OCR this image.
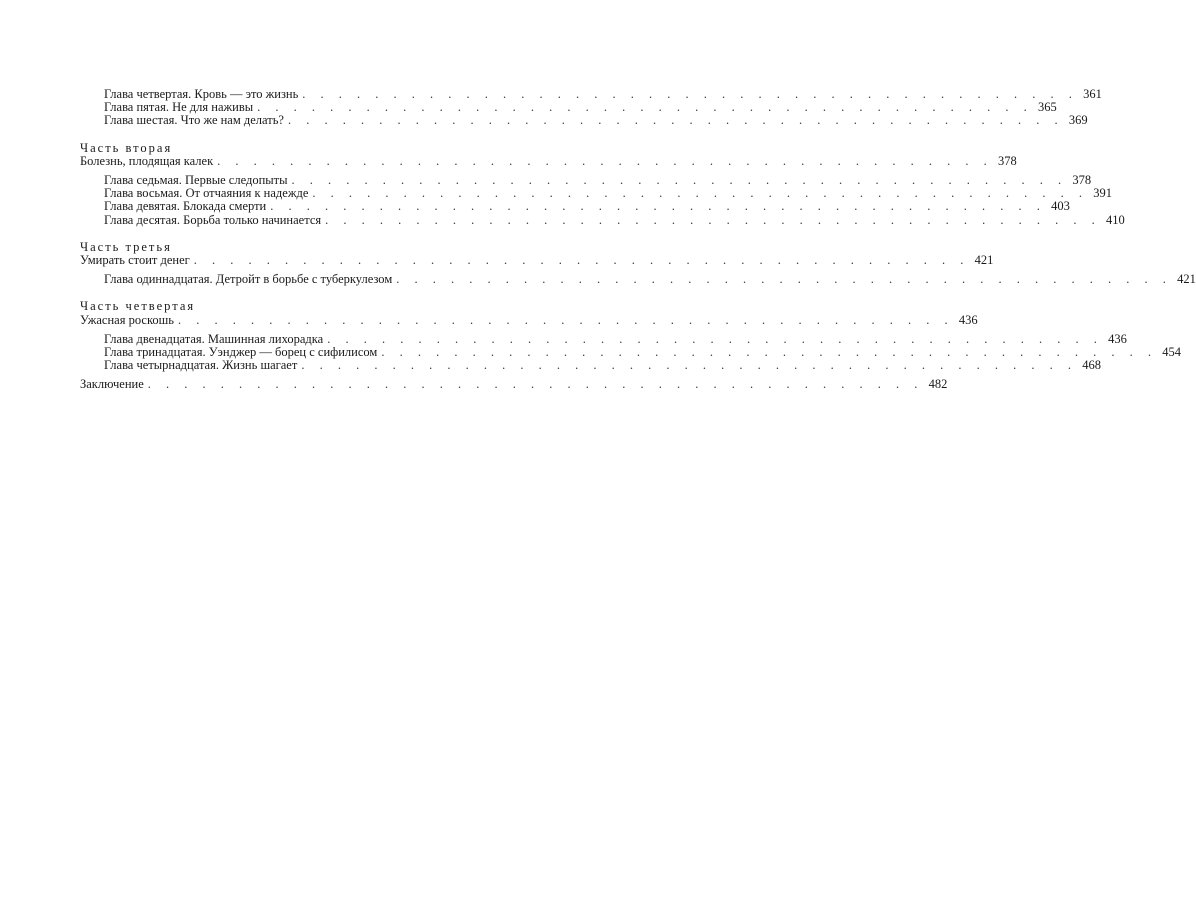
Глава четвертая. Кровь — это жизнь . . . . . . . . . . . . . . . . . . . . . . . . . . . . . . . . . . . . . . . . . . . 361
Глава пятая. Не для наживы . . . . . . . . . . . . . . . . . . . . . . . . . . . . . . . . . . . . . . . . . . . 365
Глава шестая. Что же нам делать? . . . . . . . . . . . . . . . . . . . . . . . . . . . . . . . . . . . . . . . . . . . 369
Часть вторая
Болезнь, плодящая калек . . . . . . . . . . . . . . . . . . . . . . . . . . . . . . . . . . . . . . . . . . . 378
Глава седьмая. Первые следопыты . . . . . . . . . . . . . . . . . . . . . . . . . . . . . . . . . . . . . . . . . . . 378
Глава восьмая. От отчаяния к надежде . . . . . . . . . . . . . . . . . . . . . . . . . . . . . . . . . . . . . . . . . . . 391
Глава девятая. Блокада смерти . . . . . . . . . . . . . . . . . . . . . . . . . . . . . . . . . . . . . . . . . . . 403
Глава десятая. Борьба только начинается . . . . . . . . . . . . . . . . . . . . . . . . . . . . . . . . . . . . . . . . . . . 410
Часть третья
Умирать стоит денег . . . . . . . . . . . . . . . . . . . . . . . . . . . . . . . . . . . . . . . . . . . 421
Глава одиннадцатая. Детройт в борьбе с туберкулезом . . . . . . . . . . . . . . . . . . . . . . . . . . . . . . . . . . . . . . . . . . . 421
Часть четвертая
Ужасная роскошь . . . . . . . . . . . . . . . . . . . . . . . . . . . . . . . . . . . . . . . . . . . 436
Глава двенадцатая. Машинная лихорадка . . . . . . . . . . . . . . . . . . . . . . . . . . . . . . . . . . . . . . . . . . . 436
Глава тринадцатая. Уэнджер — борец с сифилисом . . . . . . . . . . . . . . . . . . . . . . . . . . . . . . . . . . . . . . . . . . . 454
Глава четырнадцатая. Жизнь шагает . . . . . . . . . . . . . . . . . . . . . . . . . . . . . . . . . . . . . . . . . . . 468
Заключение . . . . . . . . . . . . . . . . . . . . . . . . . . . . . . . . . . . . . . . . . . . 482
